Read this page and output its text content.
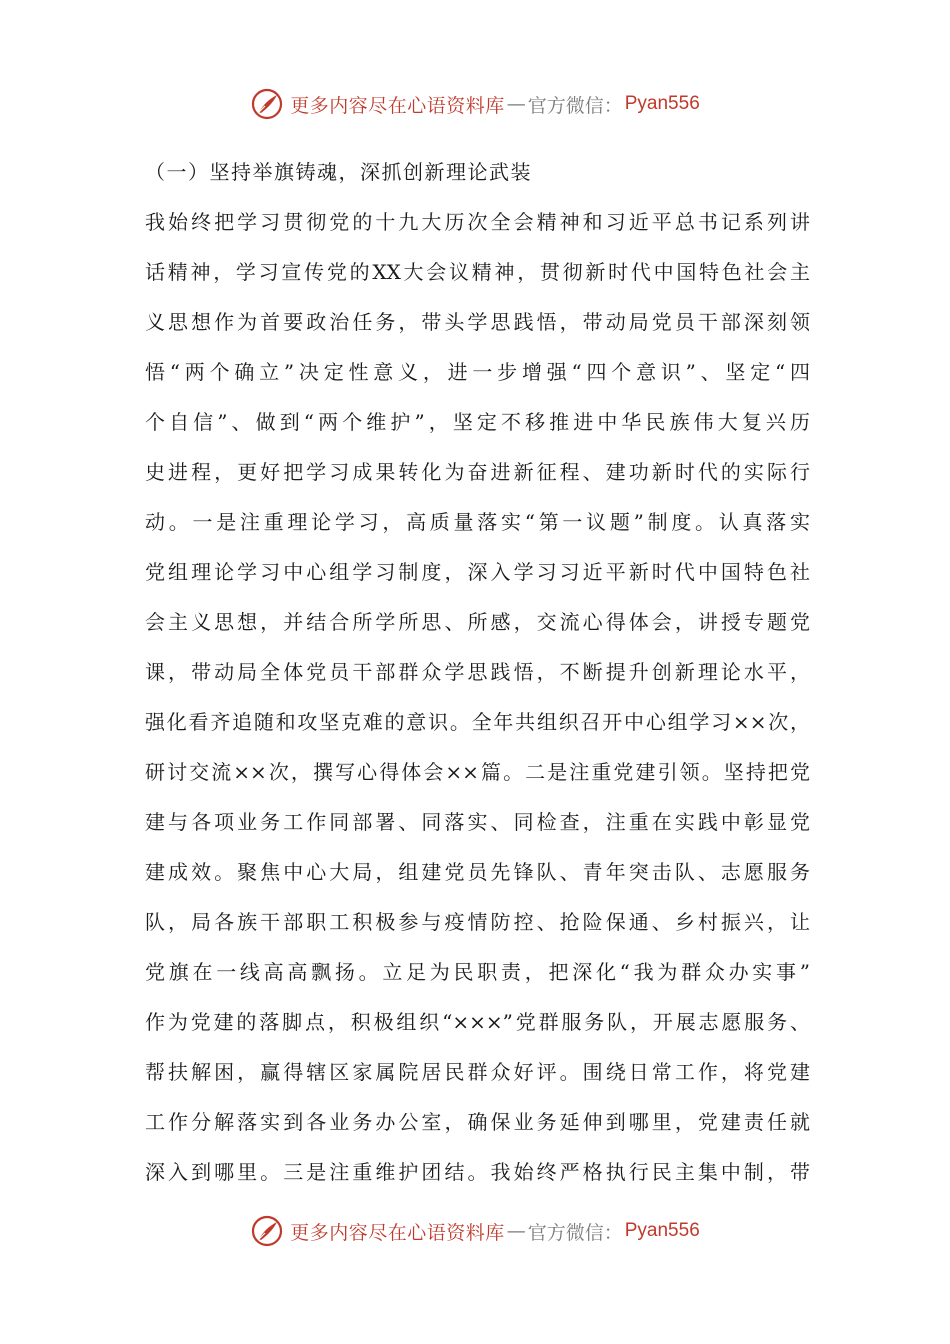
更多内容尽在心语资料库 — 官方微信： Pyan556
（一）坚持举旗铸魂，深抓创新理论武装
我始终把学习贯彻党的十九大历次全会精神和习近平总书记系列讲
话精神，学习宣传党的XX大会议精神，贯彻新时代中国特色社会主
义思想作为首要政治任务，带头学思践悟，带动局党员干部深刻领
悟“两个确立”决定性意义，进一步增强“四个意识”、坚定“四
个自信”、做到“两个维护”，坚定不移推进中华民族伟大复兴历
史进程，更好把学习成果转化为奋进新征程、建功新时代的实际行
动。一是注重理论学习，高质量落实“第一议题”制度。认真落实
党组理论学习中心组学习制度，深入学习习近平新时代中国特色社
会主义思想，并结合所学所思、所感，交流心得体会，讲授专题党
课，带动局全体党员干部群众学思践悟，不断提升创新理论水平，
强化看齐追随和攻坚克难的意识。全年共组织召开中心组学习××次，
研讨交流××次，撰写心得体会××篇。二是注重党建引领。坚持把党
建与各项业务工作同部署、同落实、同检查，注重在实践中彰显党
建成效。聚焦中心大局，组建党员先锋队、青年突击队、志愿服务
队，局各族干部职工积极参与疫情防控、抢险保通、乡村振兴，让
党旗在一线高高飘扬。立足为民职责，把深化“我为群众办实事”
作为党建的落脚点，积极组织“×××”党群服务队，开展志愿服务、
帮扶解困，赢得辖区家属院居民群众好评。围绕日常工作，将党建
工作分解落实到各业务办公室，确保业务延伸到哪里，党建责任就
深入到哪里。三是注重维护团结。我始终严格执行民主集中制，带
更多内容尽在心语资料库 — 官方微信： Pyan556
